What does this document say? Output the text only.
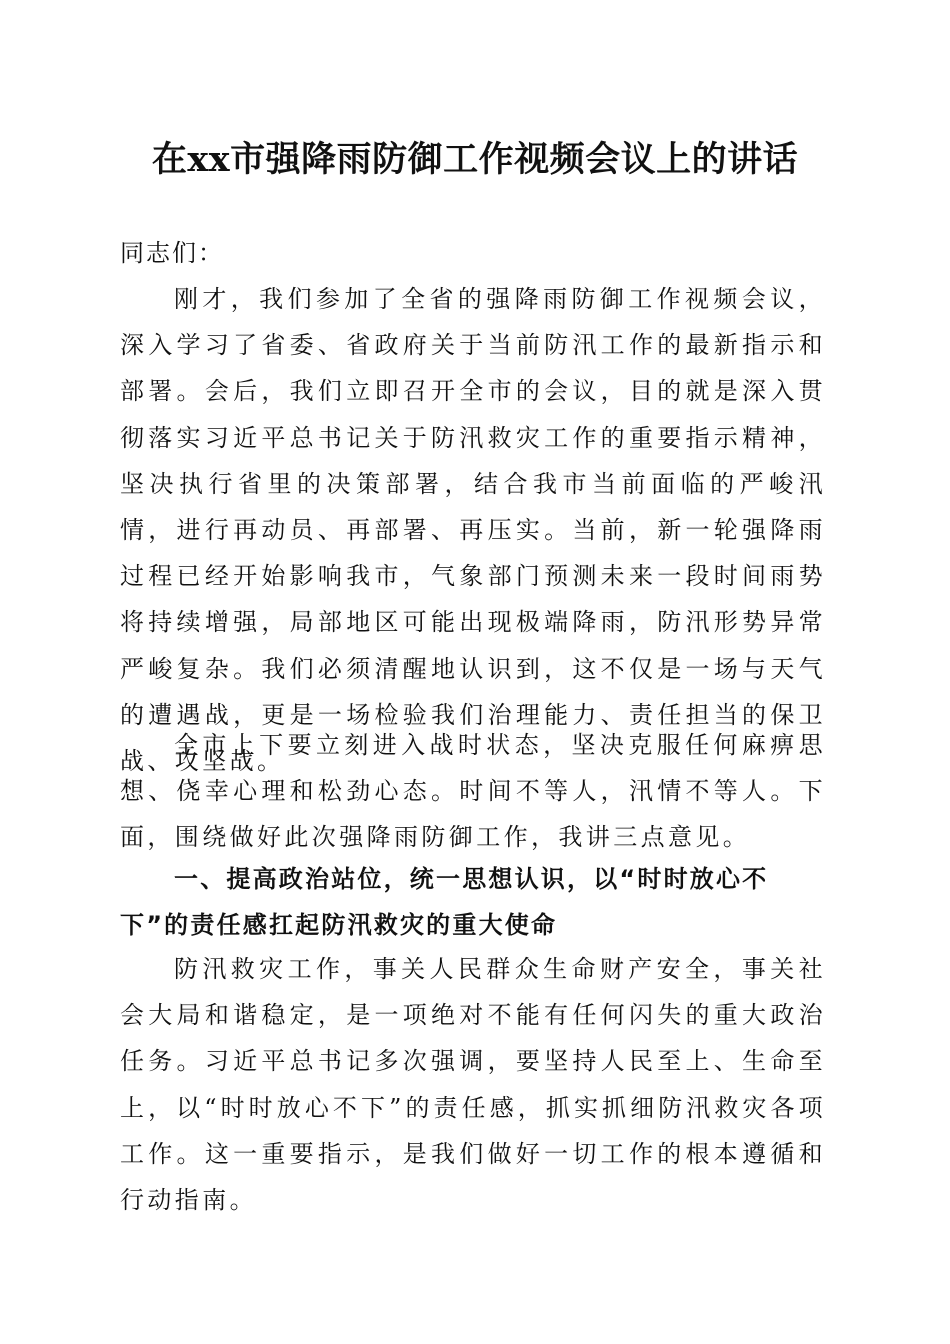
在xx市强降雨防御工作视频会议上的讲话

同志们：

刚才，我们参加了全省的强降雨防御工作视频会议，深入学习了省委、省政府关于当前防汛工作的最新指示和部署。会后，我们立即召开全市的会议，目的就是深入贯彻落实习近平总书记关于防汛救灾工作的重要指示精神，坚决执行省里的决策部署，结合我市当前面临的严峻汛情，进行再动员、再部署、再压实。当前，新一轮强降雨过程已经开始影响我市，气象部门预测未来一段时间雨势将持续增强，局部地区可能出现极端降雨，防汛形势异常严峻复杂。我们必须清醒地认识到，这不仅是一场与天气的遭遇战，更是一场检验我们治理能力、责任担当的保卫战、攻坚战。

全市上下要立刻进入战时状态，坚决克服任何麻痹思想、侥幸心理和松劲心态。时间不等人，汛情不等人。下面，围绕做好此次强降雨防御工作，我讲三点意见。

一、提高政治站位，统一思想认识，以“时时放心不下”的责任感扛起防汛救灾的重大使命

防汛救灾工作，事关人民群众生命财产安全，事关社会大局和谐稳定，是一项绝对不能有任何闪失的重大政治任务。习近平总书记多次强调，要坚持人民至上、生命至上，以“时时放心不下”的责任感，抓实抓细防汛救灾各项工作。这一重要指示，是我们做好一切工作的根本遵循和行动指南。
